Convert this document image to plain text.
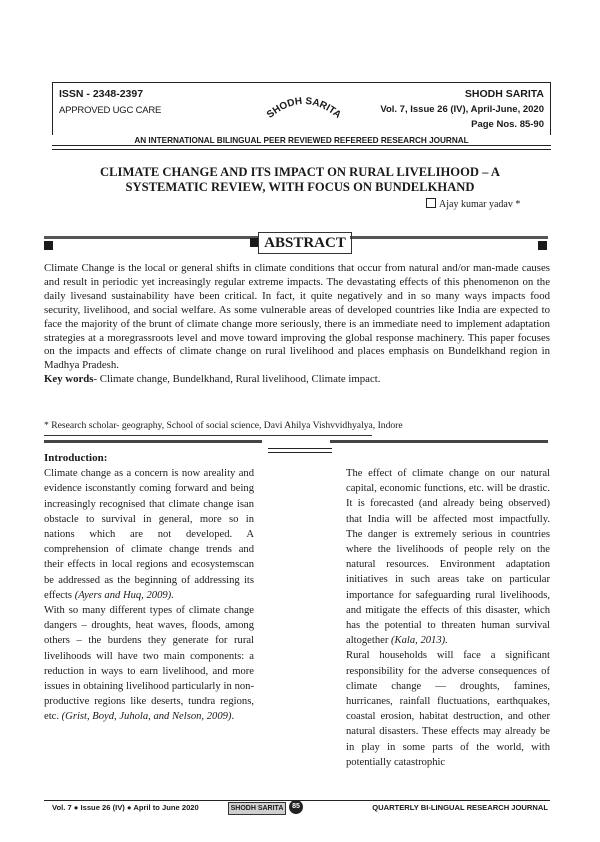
ISSN - 2348-2397
APPROVED UGC CARE	SHODH SARITA
SHODH SARITA
Vol. 7, Issue 26 (IV), April-June, 2020
Page Nos. 85-90
AN INTERNATIONAL BILINGUAL PEER REVIEWED REFEREED RESEARCH JOURNAL
CLIMATE CHANGE AND ITS IMPACT ON RURAL LIVELIHOOD – A
SYSTEMATIC REVIEW, WITH FOCUS ON BUNDELKHAND
Ajay kumar yadav *
ABSTRACT

Climate Change is the local or general shifts in climate conditions that occur from natural and/or man-made causes and result in periodic yet increasingly regular extreme impacts. The devastating effects of this phenomenon on the daily livesand sustainability have been critical. In fact, it quite negatively and in so many ways impacts food security, livelihood, and social welfare. As some vulnerable areas of developed countries like India are expected to face the majority of the brunt of climate change more seriously, there is an immediate need to implement adaptation strategies at a moregrassroots level and move toward improving the global response machinery. This paper focuses on the impacts and effects of climate change on rural livelihood and places emphasis on Bundelkhand region in Madhya Pradesh.

Key words- Climate change, Bundelkhand, Rural livelihood, Climate impact.

* Research scholar- geography, School of social science, Davi Ahilya Vishvvidhyalya, Indore
Introduction:

Climate change as a concern is now areality and evidence isconstantly coming forward and being increasingly recognised that climate change isan obstacle to survival in general, more so in nations which are not developed. A comprehension of climate change trends and their effects in local regions and ecosystemscan be addressed as the beginning of addressing its effects (Ayers and Huq, 2009).

With so many different types of climate change dangers – droughts, heat waves, floods, among others – the burdens they generate for rural livelihoods will have two main components: a reduction in ways to earn livelihood, and more issues in obtaining livelihood particularly in non-productive regions like deserts, tundra regions, etc. (Grist, Boyd, Juhola, and Nelson, 2009).

The effect of climate change on our natural capital, economic functions, etc. will be drastic. It is forecasted (and already being observed) that India will be affected most impactfully. The danger is extremely serious in countries where the livelihoods of people rely on the natural resources. Environment adaptation initiatives in such areas take on particular importance for safeguarding rural livelihoods, and mitigate the effects of this disaster, which has the potential to threaten human survival altogether (Kala, 2013).

Rural households will face a significant responsibility for the adverse consequences of climate change — droughts, famines, hurricanes, rainfall fluctuations, earthquakes, coastal erosion, habitat destruction, and other natural disasters. These effects may already be in play in some parts of the world, with potentially catastrophic

Vol. 7 ● Issue 26 (IV) ● April to June 2020	SHODH SARITA	85	QUARTERLY BI-LINGUAL RESEARCH JOURNAL
